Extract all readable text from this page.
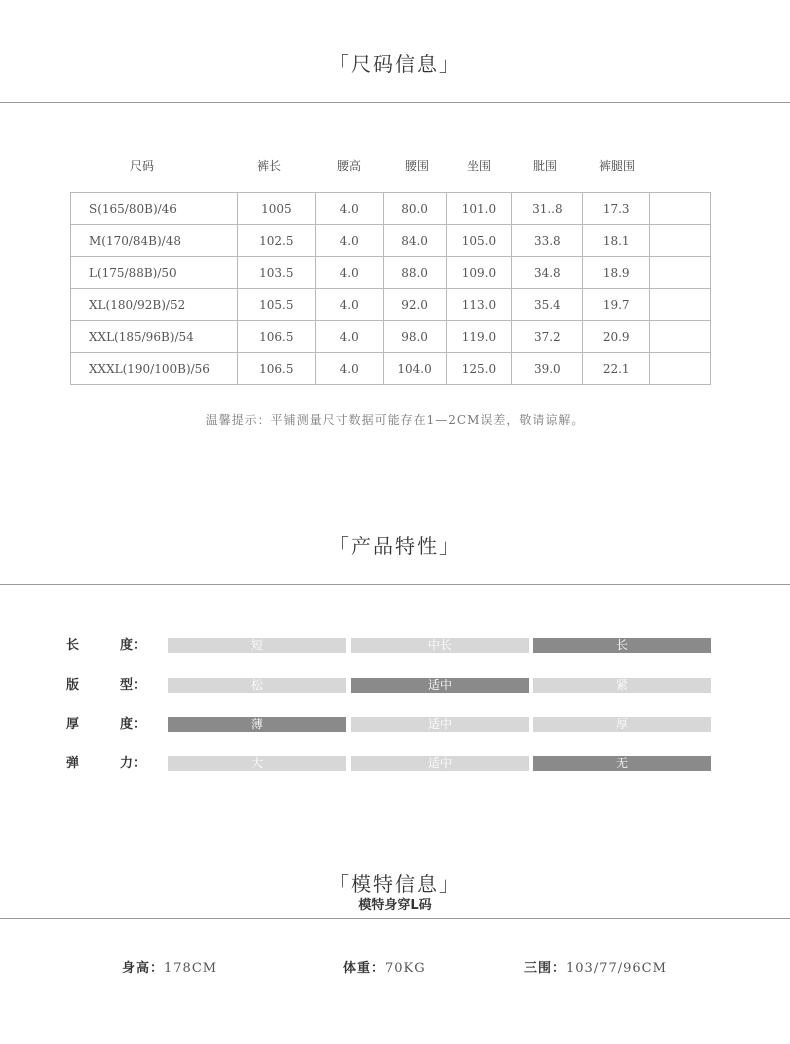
「尺码信息」
尺码	裤长	腰高	腰围	坐围	肶围	裤腿围
S(165/80B)/46	1005	4.0	80.0	101.0	31..8	17.3	
M(170/84B)/48	102.5	4.0	84.0	105.0	33.8	18.1	
L(175/88B)/50	103.5	4.0	88.0	109.0	34.8	18.9	
XL(180/92B)/52	105.5	4.0	92.0	113.0	35.4	19.7	
XXL(185/96B)/54	106.5	4.0	98.0	119.0	37.2	20.9	
XXXL(190/100B)/56	106.5	4.0	104.0	125.0	39.0	22.1	
温馨提示：平铺测量尺寸数据可能存在1—2CM误差，敬请谅解。
「产品特性」
长	度：	短	中长	长
版	型：	松	适中	紧
厚	度：	薄	适中	厚
弹	力：	大	适中	无
「模特信息」
模特身穿L码
身高：178CM	体重：70KG	三围：103/77/96CM
